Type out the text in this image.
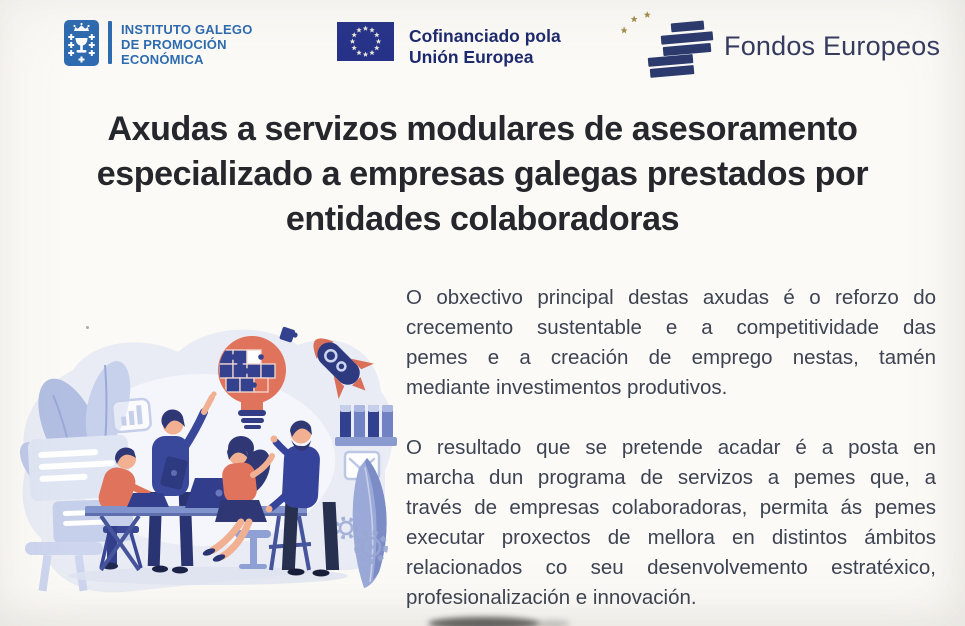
INSTITUTO GALEGO
DE PROMOCIÓN
ECONÓMICA
Cofinanciado pola
Unión Europea	Fondos Europeos
Axudas a servizos modulares de asesoramento
especializado a empresas galegas prestados por
entidades colaboradoras
O obxectivo principal destas axudas é o reforzo do
crecemento sustentable e a competitividade das
pemes e a creación de emprego nestas, tamén
mediante investimentos produtivos.
O resultado que se pretende acadar é a posta en
marcha dun programa de servizos a pemes que, a
través de empresas colaboradoras, permita ás pemes
executar proxectos de mellora en distintos ámbitos
relacionados co seu desenvolvemento estratéxico,
profesionalización e innovación.
